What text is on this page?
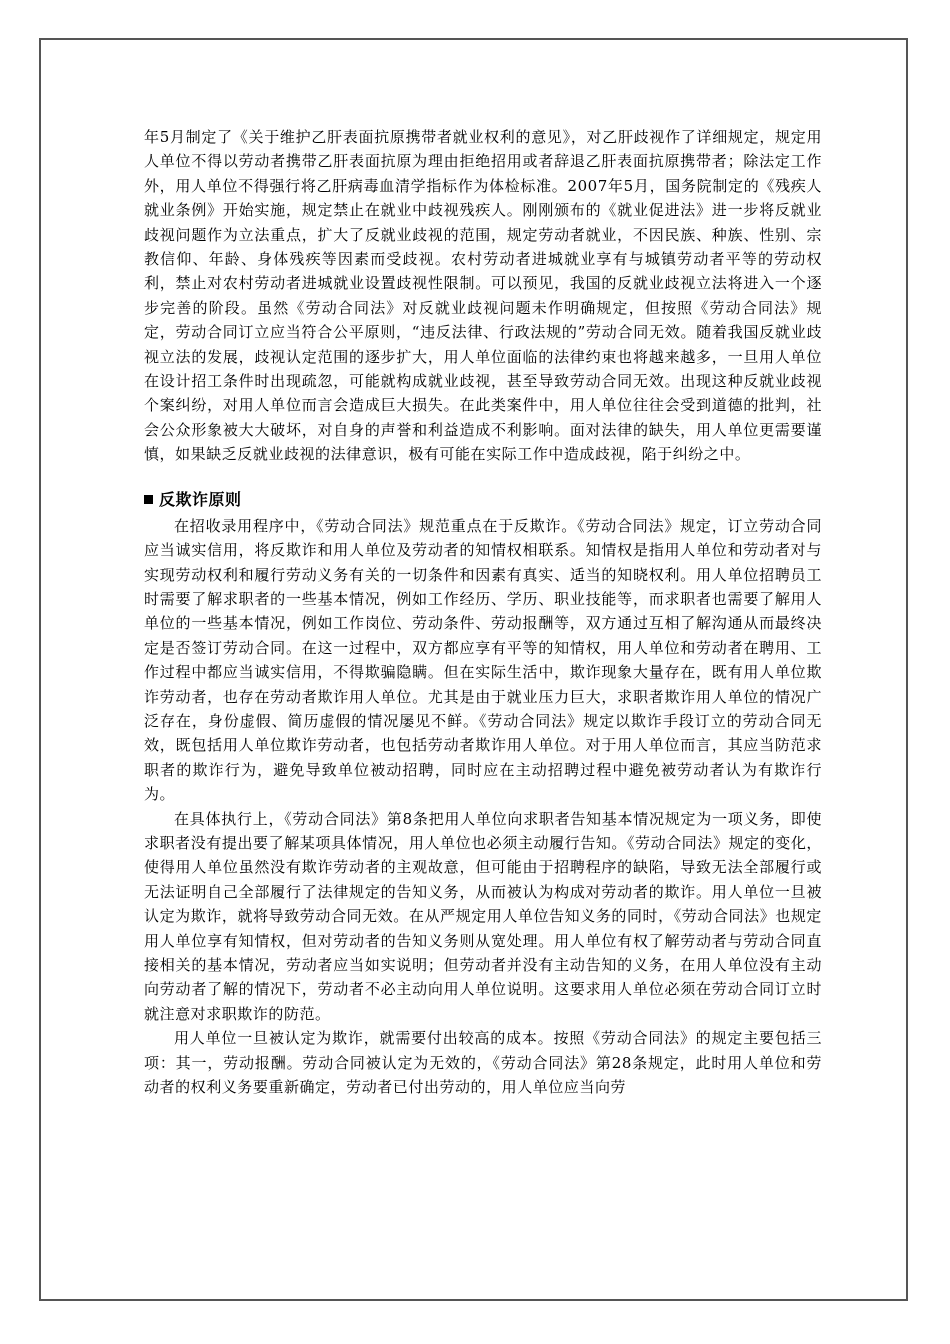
年5月制定了《关于维护乙肝表面抗原携带者就业权利的意见》，对乙肝歧视作了详细规定，规定用人单位不得以劳动者携带乙肝表面抗原为理由拒绝招用或者辞退乙肝表面抗原携带者；除法定工作外，用人单位不得强行将乙肝病毒血清学指标作为体检标准。2007年5月，国务院制定的《残疾人就业条例》开始实施，规定禁止在就业中歧视残疾人。刚刚颁布的《就业促进法》进一步将反就业歧视问题作为立法重点，扩大了反就业歧视的范围，规定劳动者就业，不因民族、种族、性别、宗教信仰、年龄、身体残疾等因素而受歧视。农村劳动者进城就业享有与城镇劳动者平等的劳动权利，禁止对农村劳动者进城就业设置歧视性限制。可以预见，我国的反就业歧视立法将进入一个逐步完善的阶段。虽然《劳动合同法》对反就业歧视问题未作明确规定，但按照《劳动合同法》规定，劳动合同订立应当符合公平原则，“违反法律、行政法规的”劳动合同无效。随着我国反就业歧视立法的发展，歧视认定范围的逐步扩大，用人单位面临的法律约束也将越来越多，一旦用人单位在设计招工条件时出现疏忽，可能就构成就业歧视，甚至导致劳动合同无效。出现这种反就业歧视个案纠纷，对用人单位而言会造成巨大损失。在此类案件中，用人单位往往会受到道德的批判，社会公众形象被大大破坏，对自身的声誉和利益造成不利影响。面对法律的缺失，用人单位更需要谨慎，如果缺乏反就业歧视的法律意识，极有可能在实际工作中造成歧视，陷于纠纷之中。

反欺诈原则

在招收录用程序中，《劳动合同法》规范重点在于反欺诈。《劳动合同法》规定，订立劳动合同应当诚实信用，将反欺诈和用人单位及劳动者的知情权相联系。知情权是指用人单位和劳动者对与实现劳动权利和履行劳动义务有关的一切条件和因素有真实、适当的知晓权利。用人单位招聘员工时需要了解求职者的一些基本情况，例如工作经历、学历、职业技能等，而求职者也需要了解用人单位的一些基本情况，例如工作岗位、劳动条件、劳动报酬等，双方通过互相了解沟通从而最终决定是否签订劳动合同。在这一过程中，双方都应享有平等的知情权，用人单位和劳动者在聘用、工作过程中都应当诚实信用，不得欺骗隐瞒。但在实际生活中，欺诈现象大量存在，既有用人单位欺诈劳动者，也存在劳动者欺诈用人单位。尤其是由于就业压力巨大，求职者欺诈用人单位的情况广泛存在，身份虚假、简历虚假的情况屡见不鲜。《劳动合同法》规定以欺诈手段订立的劳动合同无效，既包括用人单位欺诈劳动者，也包括劳动者欺诈用人单位。对于用人单位而言，其应当防范求职者的欺诈行为，避免导致单位被动招聘，同时应在主动招聘过程中避免被劳动者认为有欺诈行为。

在具体执行上，《劳动合同法》第8条把用人单位向求职者告知基本情况规定为一项义务，即使求职者没有提出要了解某项具体情况，用人单位也必须主动履行告知。《劳动合同法》规定的变化，使得用人单位虽然没有欺诈劳动者的主观故意，但可能由于招聘程序的缺陷，导致无法全部履行或无法证明自己全部履行了法律规定的告知义务，从而被认为构成对劳动者的欺诈。用人单位一旦被认定为欺诈，就将导致劳动合同无效。在从严规定用人单位告知义务的同时，《劳动合同法》也规定用人单位享有知情权，但对劳动者的告知义务则从宽处理。用人单位有权了解劳动者与劳动合同直接相关的基本情况，劳动者应当如实说明；但劳动者并没有主动告知的义务，在用人单位没有主动向劳动者了解的情况下，劳动者不必主动向用人单位说明。这要求用人单位必须在劳动合同订立时就注意对求职欺诈的防范。

用人单位一旦被认定为欺诈，就需要付出较高的成本。按照《劳动合同法》的规定主要包括三项：其一，劳动报酬。劳动合同被认定为无效的，《劳动合同法》第28条规定，此时用人单位和劳动者的权利义务要重新确定，劳动者已付出劳动的，用人单位应当向劳
